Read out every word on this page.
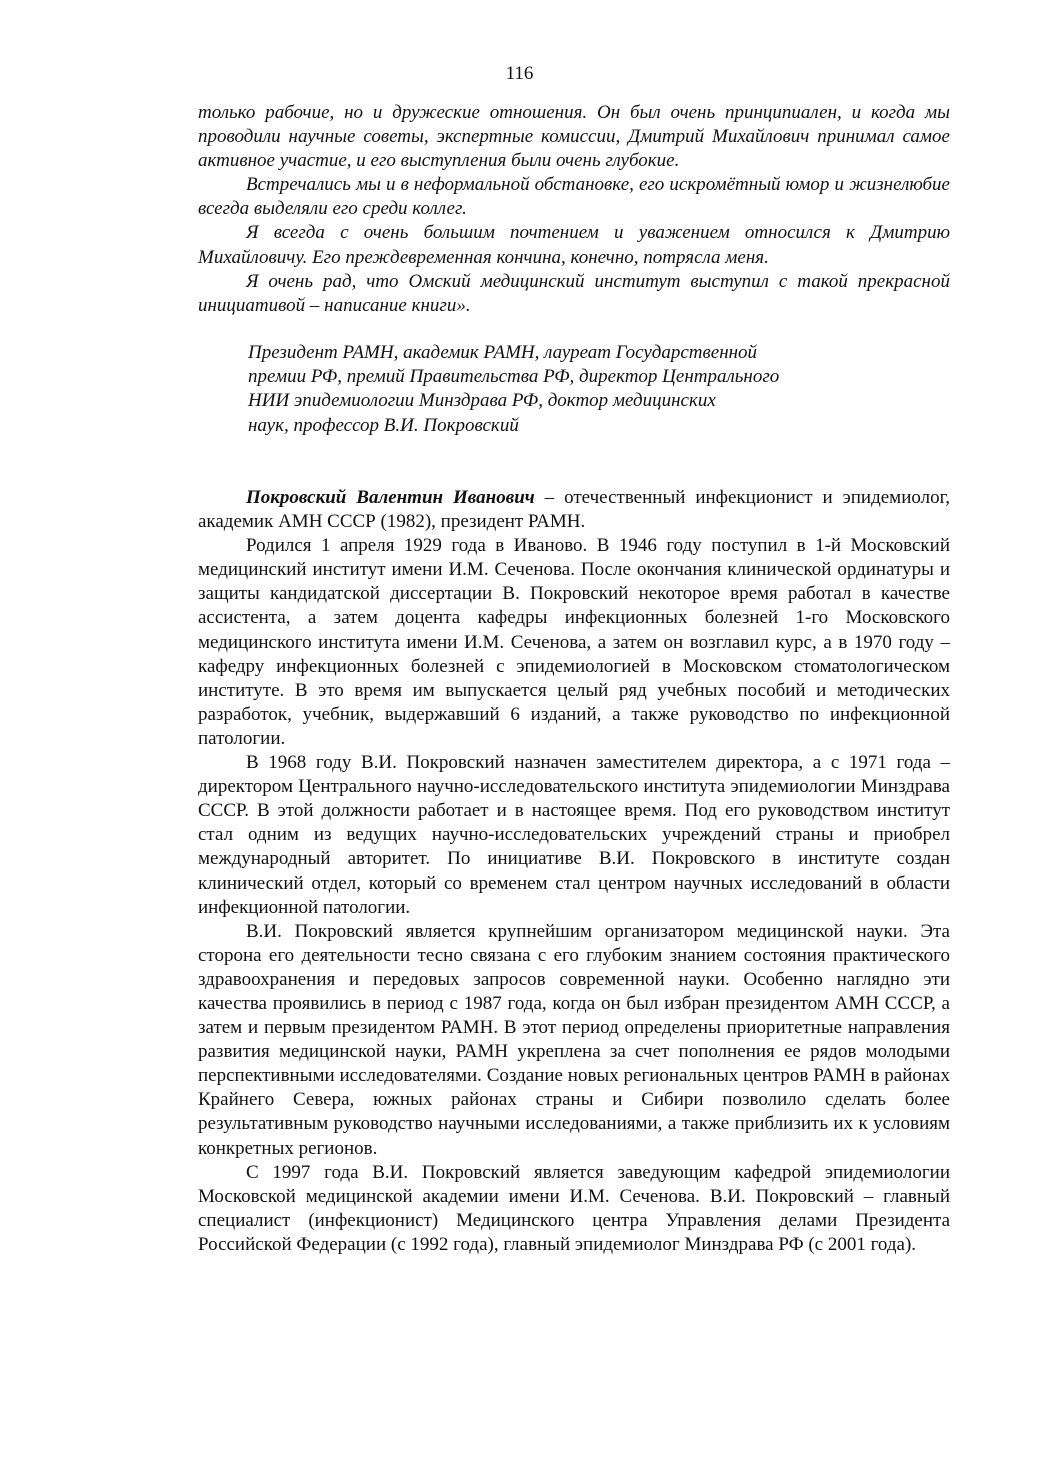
116

только рабочие, но и дружеские отношения. Он был очень принципиален, и когда мы проводили научные советы, экспертные комиссии, Дмитрий Михайлович принимал самое активное участие, и его выступления были очень глубокие.

Встречались мы и в неформальной обстановке, его искромётный юмор и жизнелюбие всегда выделяли его среди коллег.

Я всегда с очень большим почтением и уважением относился к Дмитрию Михайловичу. Его преждевременная кончина, конечно, потрясла меня.

Я очень рад, что Омский медицинский институт выступил с такой прекрасной инициативой – написание книги».

Президент РАМН, академик РАМН, лауреат Государственной
премии РФ, премий Правительства РФ, директор Центрального
НИИ эпидемиологии Минздрава РФ, доктор медицинских
наук, профессор В.И. Покровский

Покровский Валентин Иванович – отечественный инфекционист и эпидемиолог, академик АМН СССР (1982), президент РАМН.

Родился 1 апреля 1929 года в Иваново. В 1946 году поступил в 1-й Московский медицинский институт имени И.М. Сеченова. После окончания клинической ординатуры и защиты кандидатской диссертации В. Покровский некоторое время работал в качестве ассистента, а затем доцента кафедры инфекционных болезней 1-го Московского медицинского института имени И.М. Сеченова, а затем он возглавил курс, а в 1970 году – кафедру инфекционных болезней с эпидемиологией в Московском стоматологическом институте. В это время им выпускается целый ряд учебных пособий и методических разработок, учебник, выдержавший 6 изданий, а также руководство по инфекционной патологии.

В 1968 году В.И. Покровский назначен заместителем директора, а с 1971 года – директором Центрального научно-исследовательского института эпидемиологии Минздрава СССР. В этой должности работает и в настоящее время. Под его руководством институт стал одним из ведущих научно-исследовательских учреждений страны и приобрел международный авторитет. По инициативе В.И. Покровского в институте создан клинический отдел, который со временем стал центром научных исследований в области инфекционной патологии.

В.И. Покровский является крупнейшим организатором медицинской науки. Эта сторона его деятельности тесно связана с его глубоким знанием состояния практического здравоохранения и передовых запросов современной науки. Особенно наглядно эти качества проявились в период с 1987 года, когда он был избран президентом АМН СССР, а затем и первым президентом РАМН. В этот период определены приоритетные направления развития медицинской науки, РАМН укреплена за счет пополнения ее рядов молодыми перспективными исследователями. Создание новых региональных центров РАМН в районах Крайнего Севера, южных районах страны и Сибири позволило сделать более результативным руководство научными исследованиями, а также приблизить их к условиям конкретных регионов.

С 1997 года В.И. Покровский является заведующим кафедрой эпидемиологии Московской медицинской академии имени И.М. Сеченова. В.И. Покровский – главный специалист (инфекционист) Медицинского центра Управления делами Президента Российской Федерации (с 1992 года), главный эпидемиолог Минздрава РФ (с 2001 года).
